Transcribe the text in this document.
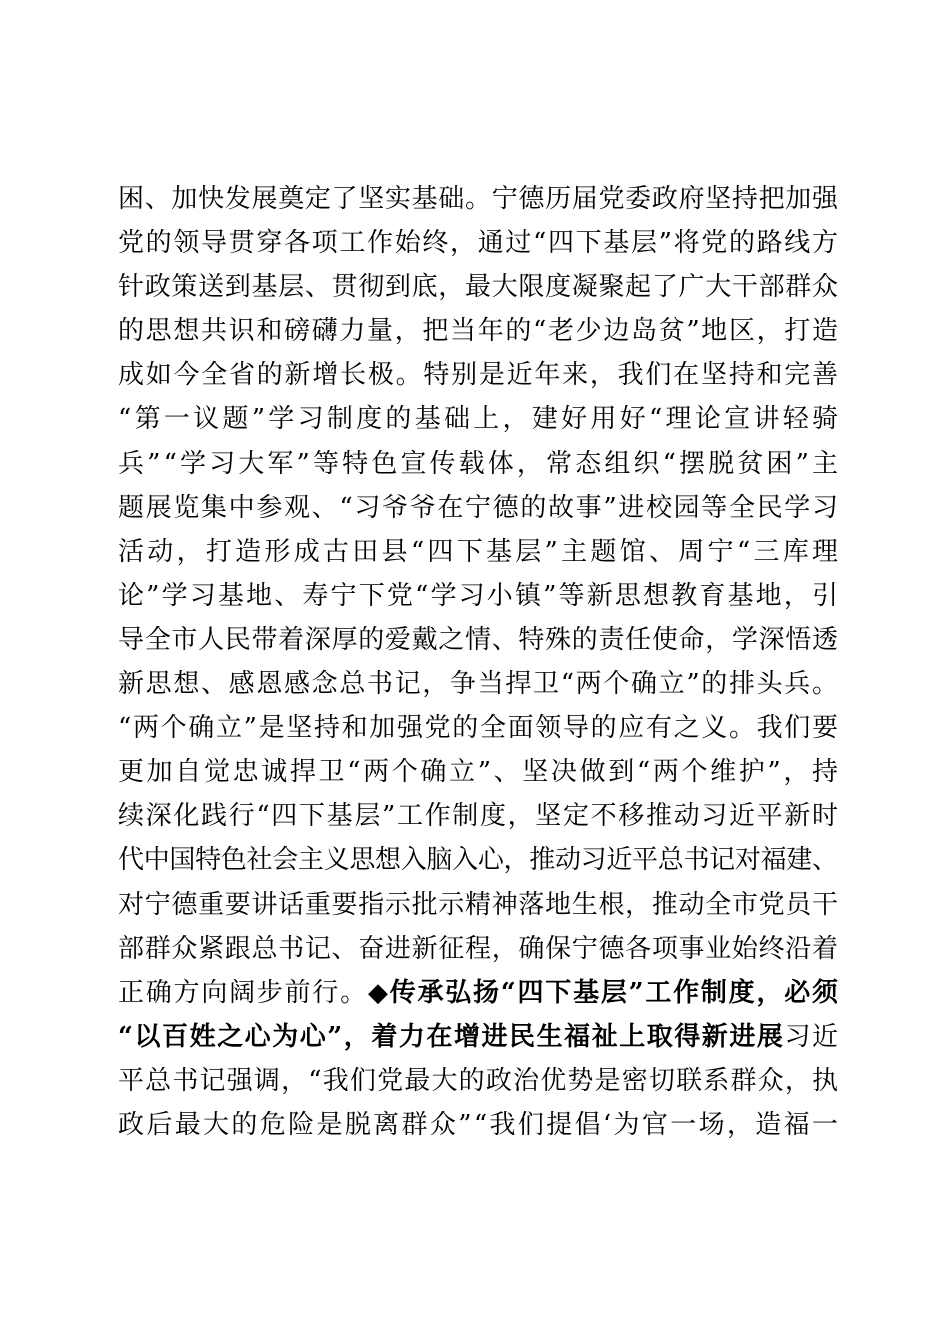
困、加快发展奠定了坚实基础。宁德历届党委政府坚持把加强
党的领导贯穿各项工作始终，通过“四下基层”将党的路线方
针政策送到基层、贯彻到底，最大限度凝聚起了广大干部群众
的思想共识和磅礴力量，把当年的“老少边岛贫”地区，打造
成如今全省的新增长极。特别是近年来，我们在坚持和完善
“第一议题”学习制度的基础上，建好用好“理论宣讲轻骑
兵”“学习大军”等特色宣传载体，常态组织“摆脱贫困”主
题展览集中参观、“习爷爷在宁德的故事”进校园等全民学习
活动，打造形成古田县“四下基层”主题馆、周宁“三库理
论”学习基地、寿宁下党“学习小镇”等新思想教育基地，引
导全市人民带着深厚的爱戴之情、特殊的责任使命，学深悟透
新思想、感恩感念总书记，争当捍卫“两个确立”的排头兵。
“两个确立”是坚持和加强党的全面领导的应有之义。我们要
更加自觉忠诚捍卫“两个确立”、坚决做到“两个维护”，持
续深化践行“四下基层”工作制度，坚定不移推动习近平新时
代中国特色社会主义思想入脑入心，推动习近平总书记对福建、
对宁德重要讲话重要指示批示精神落地生根，推动全市党员干
部群众紧跟总书记、奋进新征程，确保宁德各项事业始终沿着
正确方向阔步前行。◆传承弘扬“四下基层”工作制度，必须
“以百姓之心为心”，着力在增进民生福祉上取得新进展习近
平总书记强调，“我们党最大的政治优势是密切联系群众，执
政后最大的危险是脱离群众”“我们提倡‘为官一场，造福一
